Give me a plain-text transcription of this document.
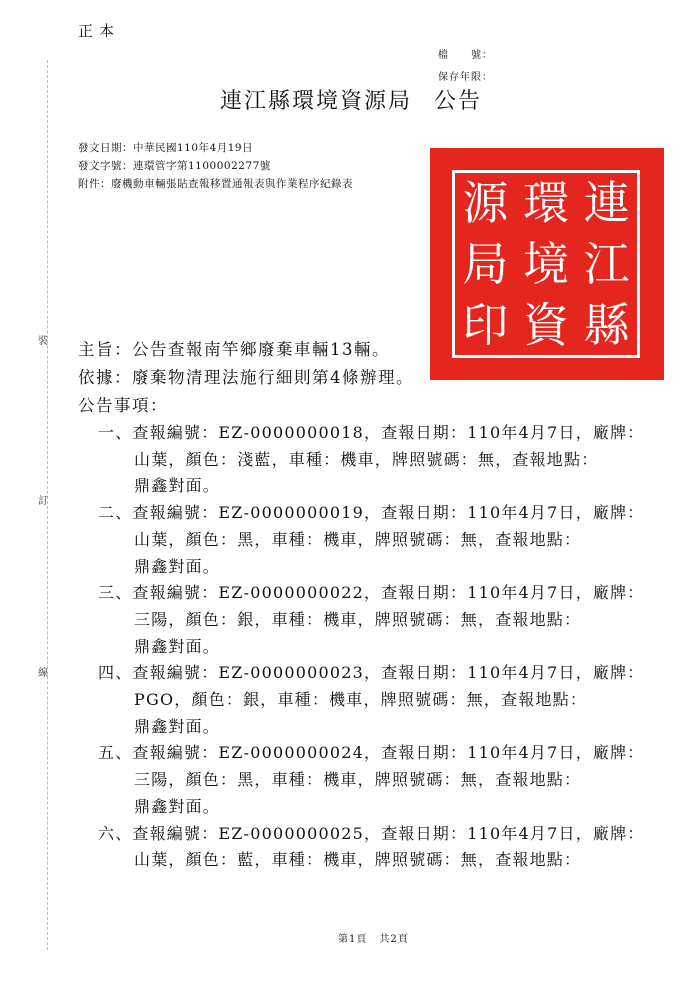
正本
檔　　號：
保存年限：
連江縣環境資源局 公告
發文日期：中華民國110年4月19日
發文字號：連環管字第1100002277號
附件：廢機動車輛張貼查報移置通報表與作業程序紀錄表
裝
訂
線
源 環 連
局 境 江
印 資 縣
主旨：公告查報南竿鄉廢棄車輛13輛。
依據：廢棄物清理法施行細則第4條辦理。
公告事項：
一、查報編號：EZ-0000000018，查報日期：110年4月7日，廠牌：
山葉，顏色：淺藍，車種：機車，牌照號碼：無，查報地點：
鼎鑫對面。
二、查報編號：EZ-0000000019，查報日期：110年4月7日，廠牌：
山葉，顏色：黑，車種：機車，牌照號碼：無，查報地點：
鼎鑫對面。
三、查報編號：EZ-0000000022，查報日期：110年4月7日，廠牌：
三陽，顏色：銀，車種：機車，牌照號碼：無，查報地點：
鼎鑫對面。
四、查報編號：EZ-0000000023，查報日期：110年4月7日，廠牌：
PGO，顏色：銀，車種：機車，牌照號碼：無，查報地點：
鼎鑫對面。
五、查報編號：EZ-0000000024，查報日期：110年4月7日，廠牌：
三陽，顏色：黑，車種：機車，牌照號碼：無，查報地點：
鼎鑫對面。
六、查報編號：EZ-0000000025，查報日期：110年4月7日，廠牌：
山葉，顏色：藍，車種：機車，牌照號碼：無，查報地點：
第1頁 共2頁
